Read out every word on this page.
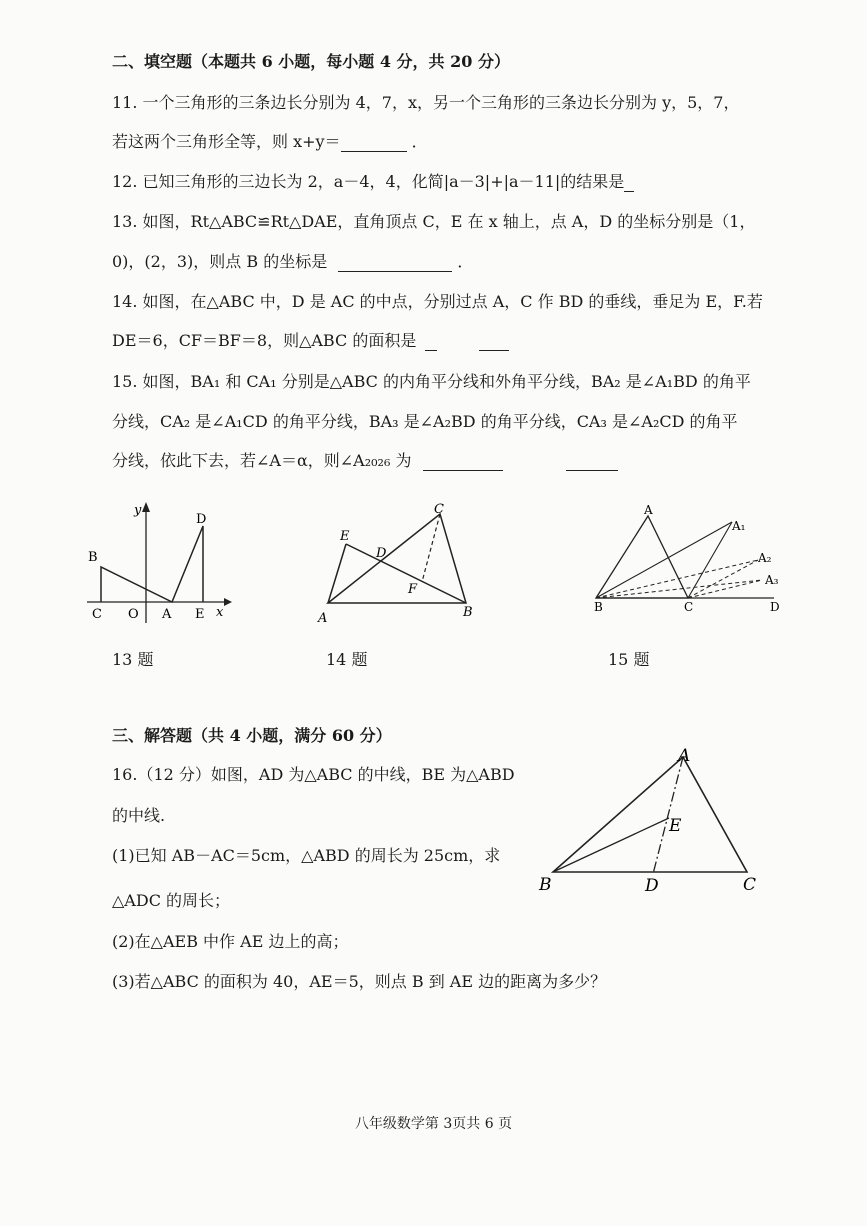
二、填空题（本题共 6 小题，每小题 4 分，共 20 分）
11. 一个三角形的三条边长分别为 4，7，x，另一个三角形的三条边长分别为 y，5，7，
若这两个三角形全等，则 x+y＝	．
12. 已知三角形的三边长为 2，a－4，4，化简|a－3|+|a－11|的结果是
13. 如图，Rt△ABC≌Rt△DAE，直角顶点 C，E 在 x 轴上，点 A，D 的坐标分别是（1，
0)，(2，3)，则点 B 的坐标是	．
14. 如图，在△ABC 中，D 是 AC 的中点，分别过点 A，C 作 BD 的垂线，垂足为 E，F.若
DE＝6，CF＝BF＝8，则△ABC 的面积是
15. 如图，BA₁ 和 CA₁ 分别是△ABC 的内角平分线和外角平分线，BA₂ 是∠A₁BD 的角平
分线，CA₂ 是∠A₁CD 的角平分线，BA₃ 是∠A₂BD 的角平分线，CA₃ 是∠A₂CD 的角平
分线，依此下去，若∠A＝α，则∠A₂₀₂₆ 为
y
x
B
D
C O A E
13 题
C
E
D
F
A	B
14 题
A
A₁
A₂
A₃
B	C	D
15 题
三、解答题（共 4 小题，满分 60 分）
16.（12 分）如图，AD 为△ABC 的中线，BE 为△ABD
的中线.
(1)已知 AB－AC＝5cm，△ABD 的周长为 25cm，求
△ADC 的周长；
(2)在△AEB 中作 AE 边上的高；
(3)若△ABC 的面积为 40，AE＝5，则点 B 到 AE 边的距离为多少？
A
E
B	D	C
八年级数学第 3页共 6 页
